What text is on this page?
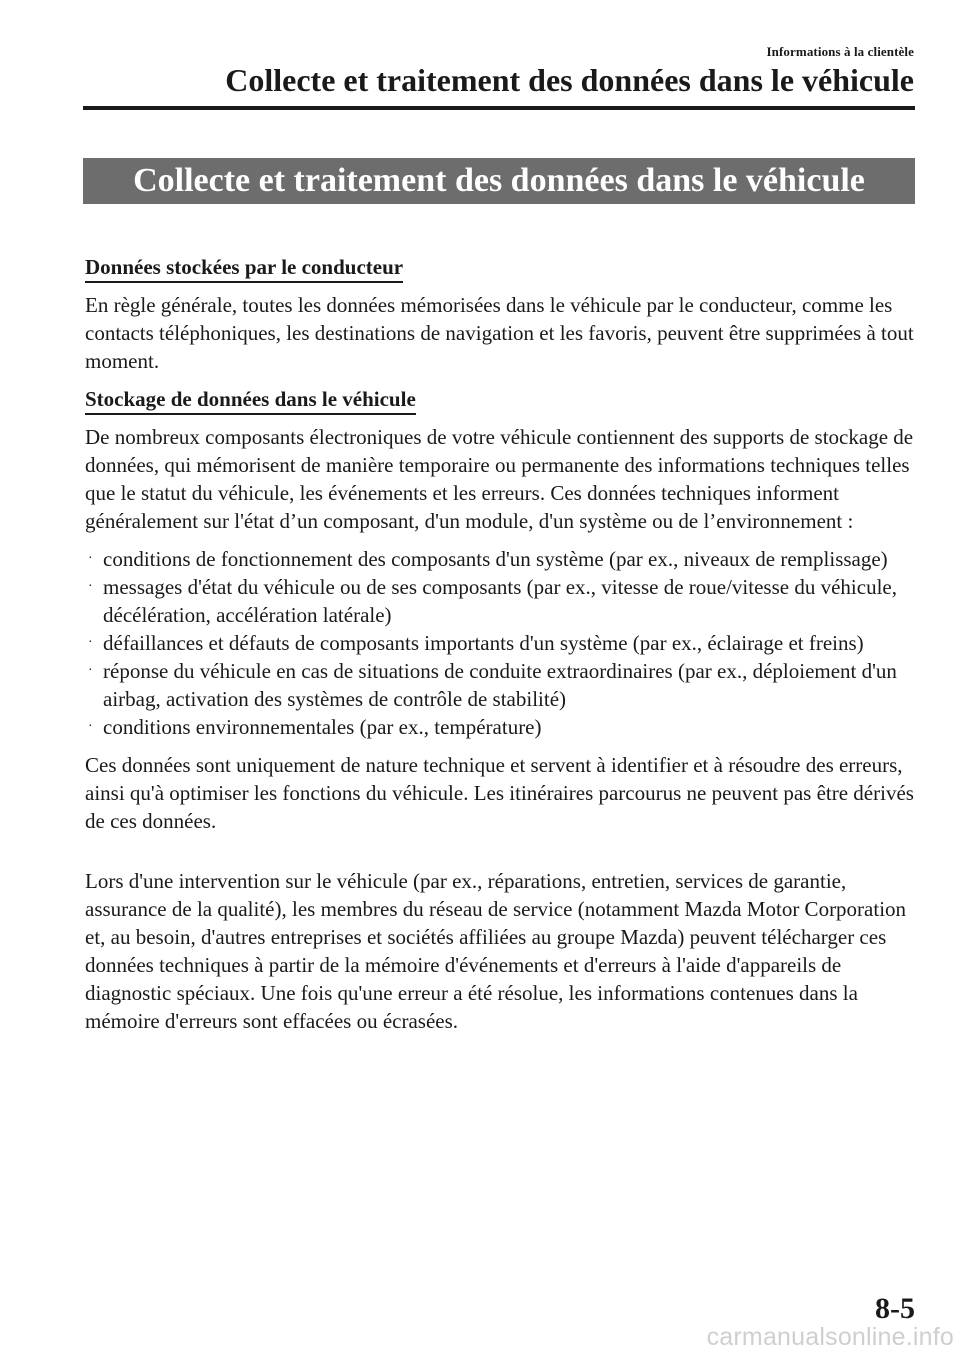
Informations à la clientèle
Collecte et traitement des données dans le véhicule
Collecte et traitement des données dans le véhicule
Données stockées par le conducteur

En règle générale, toutes les données mémorisées dans le véhicule par le conducteur, comme les contacts téléphoniques, les destinations de navigation et les favoris, peuvent être supprimées à tout moment.

Stockage de données dans le véhicule

De nombreux composants électroniques de votre véhicule contiennent des supports de stockage de données, qui mémorisent de manière temporaire ou permanente des informations techniques telles que le statut du véhicule, les événements et les erreurs. Ces données techniques informent généralement sur l'état d’un composant, d'un module, d'un système ou de l’environnement :

· conditions de fonctionnement des composants d'un système (par ex., niveaux de remplissage)
· messages d'état du véhicule ou de ses composants (par ex., vitesse de roue/vitesse du véhicule, décélération, accélération latérale)
· défaillances et défauts de composants importants d'un système (par ex., éclairage et freins)
· réponse du véhicule en cas de situations de conduite extraordinaires (par ex., déploiement d'un airbag, activation des systèmes de contrôle de stabilité)
· conditions environnementales (par ex., température)

Ces données sont uniquement de nature technique et servent à identifier et à résoudre des erreurs, ainsi qu'à optimiser les fonctions du véhicule. Les itinéraires parcourus ne peuvent pas être dérivés de ces données.

Lors d'une intervention sur le véhicule (par ex., réparations, entretien, services de garantie, assurance de la qualité), les membres du réseau de service (notamment Mazda Motor Corporation et, au besoin, d'autres entreprises et sociétés affiliées au groupe Mazda) peuvent télécharger ces données techniques à partir de la mémoire d'événements et d'erreurs à l'aide d'appareils de diagnostic spéciaux. Une fois qu'une erreur a été résolue, les informations contenues dans la mémoire d'erreurs sont effacées ou écrasées.

8-5
carmanualsonline.info
